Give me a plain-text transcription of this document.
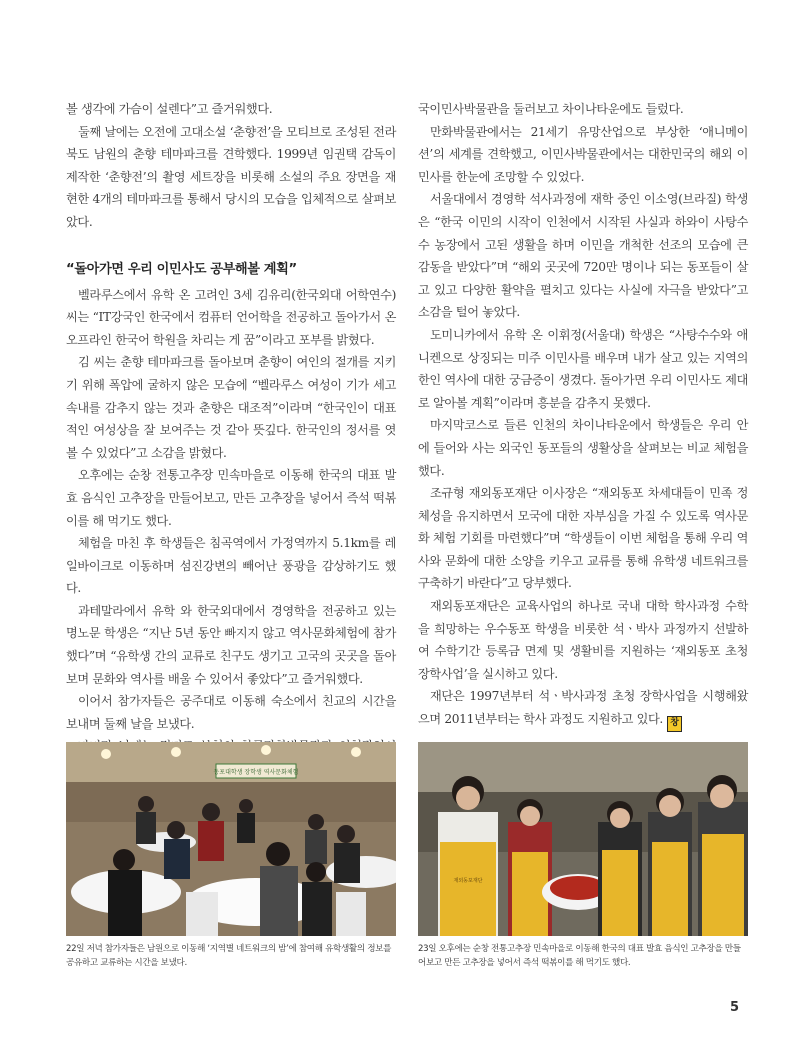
볼 생각에 가슴이 설렌다”고 즐거워했다.

둘째 날에는 오전에 고대소설 ‘춘향전’을 모티브로 조성된 전라북도 남원의 춘향 테마파크를 견학했다. 1999년 임권택 감독이 제작한 ‘춘향전’의 촬영 세트장을 비롯해 소설의 주요 장면을 재현한 4개의 테마파크를 통해서 당시의 모습을 입체적으로 살펴보았다.

“돌아가면 우리 이민사도 공부해볼 계획”

벨라루스에서 유학 온 고려인 3세 김유리(한국외대 어학연수)씨는 “IT강국인 한국에서 컴퓨터 언어학을 전공하고 돌아가서 온오프라인 한국어 학원을 차리는 게 꿈”이라고 포부를 밝혔다.

김 씨는 춘향 테마파크를 돌아보며 춘향이 여인의 절개를 지키기 위해 폭압에 굴하지 않은 모습에 “벨라루스 여성이 기가 세고 속내를 감추지 않는 것과 춘향은 대조적”이라며 “한국인이 대표적인 여성상을 잘 보여주는 것 같아 뜻깊다. 한국인의 정서를 엿볼 수 있었다”고 소감을 밝혔다.

오후에는 순창 전통고추장 민속마을로 이동해 한국의 대표 발효 음식인 고추장을 만들어보고, 만든 고추장을 넣어서 즉석 떡볶이를 해 먹기도 했다.

체험을 마친 후 학생들은 침곡역에서 가정역까지 5.1km를 레일바이크로 이동하며 섬진강변의 빼어난 풍광을 감상하기도 했다.

과테말라에서 유학 와 한국외대에서 경영학을 전공하고 있는 명노문 학생은 “지난 5년 동안 빠지지 않고 역사문화체험에 참가했다”며 “유학생 간의 교류로 친구도 생기고 고국의 곳곳을 돌아보며 문화와 역사를 배울 수 있어서 좋았다”고 즐거워했다.

이어서 참가자들은 공주대로 이동해 숙소에서 친교의 시간을 보내며 둘째 날을 보냈다.

국이민사박물관을 둘러보고 차이나타운에도 들렀다.

만화박물관에서는 21세기 유망산업으로 부상한 ‘애니메이션’의 세계를 견학했고, 이민사박물관에서는 대한민국의 해외 이민사를 한눈에 조망할 수 있었다.

서울대에서 경영학 석사과정에 재학 중인 이소영(브라질) 학생은 “한국 이민의 시작이 인천에서 시작된 사실과 하와이 사탕수수 농장에서 고된 생활을 하며 이민을 개척한 선조의 모습에 큰 감동을 받았다”며 “해외 곳곳에 720만 명이나 되는 동포들이 살고 있고 다양한 활약을 펼치고 있다는 사실에 자극을 받았다”고 소감을 털어 놓았다.

도미니카에서 유학 온 이휘정(서울대) 학생은 “사탕수수와 애니켄으로 상징되는 미주 이민사를 배우며 내가 살고 있는 지역의 한인 역사에 대한 궁금증이 생겼다. 돌아가면 우리 이민사도 제대로 알아볼 계획”이라며 흥분을 감추지 못했다.

마지막코스로 들른 인천의 차이나타운에서 학생들은 우리 안에 들어와 사는 외국인 동포들의 생활상을 살펴보는 비교 체험을 했다.

조규형 재외동포재단 이사장은 “재외동포 차세대들이 민족 정체성을 유지하면서 모국에 대한 자부심을 가질 수 있도록 역사문화 체험 기회를 마련했다”며 “학생들이 이번 체험을 통해 우리 역사와 문화에 대한 소양을 키우고 교류를 통해 유학생 네트워크를 구축하기 바란다”고 당부했다.

재외동포재단은 교육사업의 하나로 국내 대학 학사과정 수학을 희망하는 우수동포 학생을 비롯한 석ㆍ박사 과정까지 선발하여 수학기간 등록금 면제 및 생활비를 지원하는 ‘재외동포 초청 장학사업’을 실시하고 있다.

재단은 1997년부터 석ㆍ박사과정 초청 장학사업을 시행해왔으며 2011년부터는 학사 과정도 지원하고 있다. 창

동포대학생 장학생 역사문화체험
재외동포재단
22일 저녁 참가자들은 남원으로 이동해 ‘지역별 네트워크의 밤’에 참여해 유학생활의 정보를 공유하고 교류하는 시간을 보냈다.
23일 오후에는 순창 전통고추장 민속마을로 이동해 한국의 대표 발효 음식인 고추장을 만들어보고 만든 고추장을 넣어서 즉석 떡볶이를 해 먹기도 했다.
5
